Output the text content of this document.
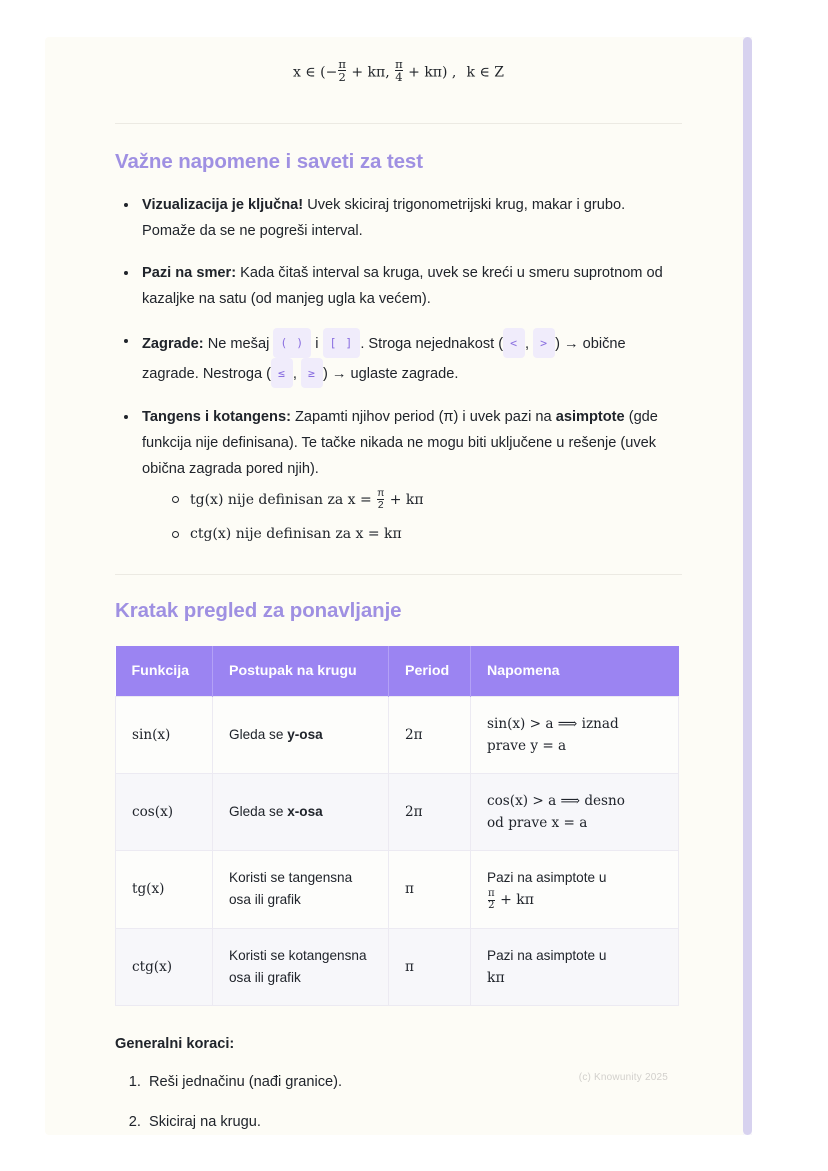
x ∈ (− $\frac{\pi}{2} + k\pi$, $\frac{\pi}{4} + k\pi$) , k ∈ Z
Važne napomene i saveti za test
Vizualizacija je ključna! Uvek skiciraj trigonometrijski krug, makar i grubo. Pomaže da se ne pogreši interval.
Pazi na smer: Kada čitaš interval sa kruga, uvek se kreći u smeru suprotnom od kazaljke na satu (od manjeg ugla ka većem).
Zagrade: Ne mešaj ( ) i [ ] . Stroga nejednakost ( < , > ) → obične zagrade. Nestroga ( ≤ , ≥ ) → uglaste zagrade.
Tangens i kotangens: Zapamti njihov period (π) i uvek pazi na asimptote (gde funkcija nije definisana). Te tačke nikada ne mogu biti uključene u rešenje (uvek obična zagrada pored njih).
tg(x) nije definisan za $x = \frac{\pi}{2} + k\pi$
ctg(x) nije definisan za x = kπ
Kratak pregled za ponavljanje
Funkcija	Postupak na krugu	Period	Napomena
sin(x)	Gleda se y-osa	2π	sin(x) > a ⟹ iznad
prave y = a
cos(x)	Gleda se x-osa	2π	cos(x) > a ⟹ desno
od prave x = a
tg(x)	Koristi se tangensna osa ili grafik	π	Pazi na asimptote u

$\frac{\pi}{2} + k\pi$
ctg(x)	Koristi se kotangensna osa ili grafik	π	Pazi na asimptote u
kπ

Generalni koraci:

1. Reši jednačinu (nađi granice).
2. Skiciraj na krugu.
(c) Knowunity 2025
